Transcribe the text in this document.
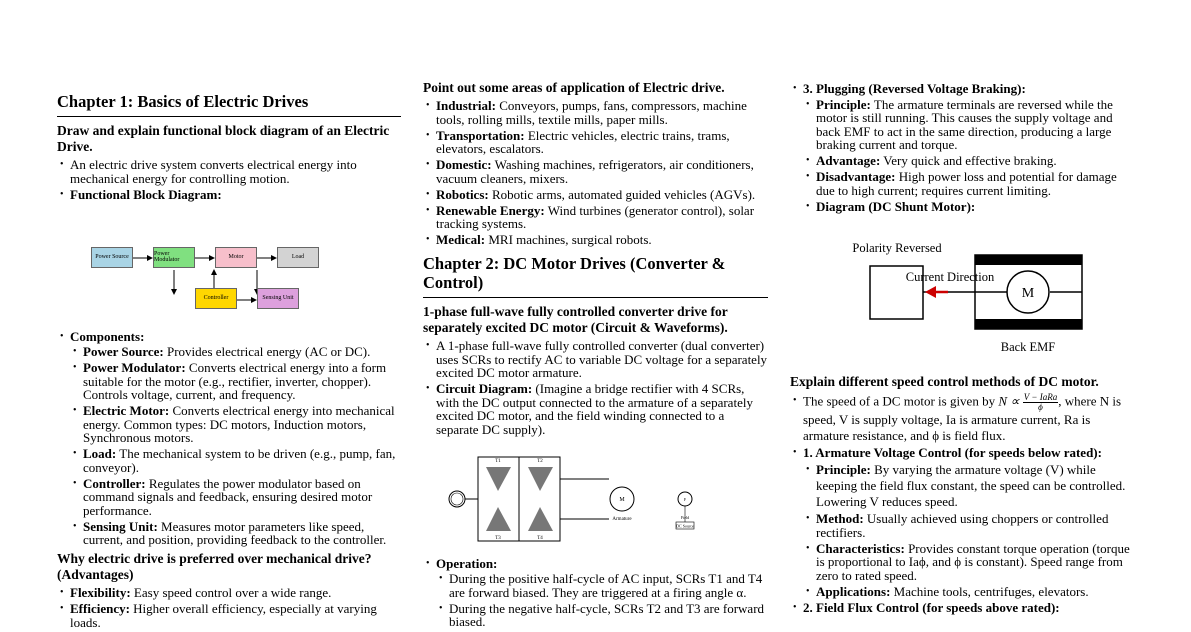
Chapter 1: Basics of Electric Drives
Draw and explain functional block diagram of an Electric Drive.
• An electric drive system converts electrical energy into mechanical energy for controlling motion.
• Functional Block Diagram:
Power Source	Power Modulator	Motor	Load
Controller	Sensing Unit
• Components:
• Power Source: Provides electrical energy (AC or DC).
• Power Modulator: Converts electrical energy into a form suitable for the motor (e.g., rectifier, inverter, chopper). Controls voltage, current, and frequency.
• Electric Motor: Converts electrical energy into mechanical energy. Common types: DC motors, Induction motors, Synchronous motors.
• Load: The mechanical system to be driven (e.g., pump, fan, conveyor).
• Controller: Regulates the power modulator based on command signals and feedback, ensuring desired motor performance.
• Sensing Unit: Measures motor parameters like speed, current, and position, providing feedback to the controller.
Why electric drive is preferred over mechanical drive? (Advantages)
• Flexibility: Easy speed control over a wide range.
• Efficiency: Higher overall efficiency, especially at varying loads.
Point out some areas of application of Electric drive.
• Industrial: Conveyors, pumps, fans, compressors, machine tools, rolling mills, textile mills, paper mills.
• Transportation: Electric vehicles, electric trains, trams, elevators, escalators.
• Domestic: Washing machines, refrigerators, air conditioners, vacuum cleaners, mixers.
• Robotics: Robotic arms, automated guided vehicles (AGVs).
• Renewable Energy: Wind turbines (generator control), solar tracking systems.
• Medical: MRI machines, surgical robots.
Chapter 2: DC Motor Drives (Converter & Control)
1-phase full-wave fully controlled converter drive for separately excited DC motor (Circuit & Waveforms).
• A 1-phase full-wave fully controlled converter (dual converter) uses SCRs to rectify AC to variable DC voltage for a separately excited DC motor armature.
• Circuit Diagram: (Imagine a bridge rectifier with 4 SCRs, with the DC output connected to the armature of a separately excited DC motor, and the field winding connected to a separate DC supply).
T1	T2
T3	T4
M
Armature
F
Field
DC Source
• Operation:
• During the positive half-cycle of AC input, SCRs T1 and T4 are forward biased. They are triggered at a firing angle α.
• During the negative half-cycle, SCRs T2 and T3 are forward biased.
• 3. Plugging (Reversed Voltage Braking):
• Principle: The armature terminals are reversed while the motor is still running. This causes the supply voltage and back EMF to act in the same direction, producing a large braking current and torque.
• Advantage: Very quick and effective braking.
• Disadvantage: High power loss and potential for damage due to high current; requires current limiting.
• Diagram (DC Shunt Motor):
Polarity Reversed
M
Current Direction
Back EMF
Explain different speed control methods of DC motor.
• The speed of a DC motor is given by N ∝ V − IaRa
ϕ	, where N is speed, V is supply voltage, Ia is armature current, Ra is armature resistance, and ϕ is field flux.
• 1. Armature Voltage Control (for speeds below rated):
• Principle: By varying the armature voltage (V) while keeping the field flux constant, the speed can be controlled. Lowering V reduces speed.
• Method: Usually achieved using choppers or controlled rectifiers.
• Characteristics: Provides constant torque operation (torque is proportional to Iaϕ, and ϕ is constant). Speed range from zero to rated speed.
• Applications: Machine tools, centrifuges, elevators.
• 2. Field Flux Control (for speeds above rated):
